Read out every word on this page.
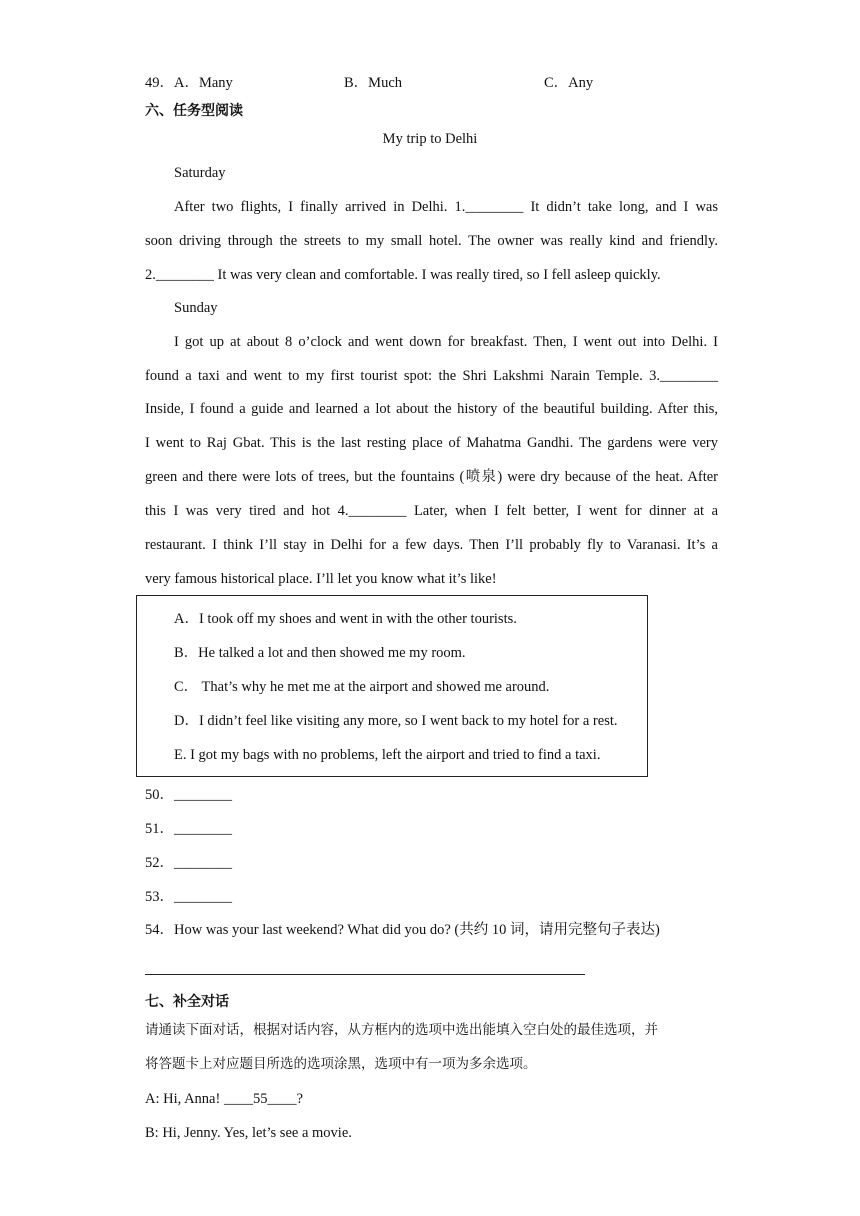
49． A．Many	B．Much	C．Any
六、任务型阅读
My trip to Delhi
Saturday
After two flights, I finally arrived in Delhi. 1.________ It didn’t take long, and I was
soon driving through the streets to my small hotel. The owner was really kind and friendly.
2.________ It was very clean and comfortable. I was really tired, so I fell asleep quickly.
Sunday
I got up at about 8 o’clock and went down for breakfast. Then, I went out into Delhi. I
found a taxi and went to my first tourist spot: the Shri Lakshmi Narain Temple. 3.________
Inside, I found a guide and learned a lot about the history of the beautiful building. After this,
I went to Raj Gbat. This is the last resting place of Mahatma Gandhi. The gardens were very
green and there were lots of trees, but the fountains (喷泉) were dry because of the heat. After
this I was very tired and hot 4.________ Later, when I felt better, I went for dinner at a
restaurant. I think I’ll stay in Delhi for a few days. Then I’ll probably fly to Varanasi. It’s a
very famous historical place. I’ll let you know what it’s like!
A．I took off my shoes and went in with the other tourists.
B．He talked a lot and then showed me my room.
C． That’s why he met me at the airport and showed me around.
D．I didn’t feel like visiting any more, so I went back to my hotel for a rest.
E. I got my bags with no problems, left the airport and tried to find a taxi.
50．________
51．________
52．________
53．________
54．How was your last weekend? What did you do? (共约 10 词，请用完整句子表达)
七、补全对话
请通读下面对话，根据对话内容，从方框内的选项中选出能填入空白处的最佳选项，并
将答题卡上对应题目所选的选项涂黑，选项中有一项为多余选项。
A: Hi, Anna! ____55____?
B: Hi, Jenny. Yes, let’s see a movie.
